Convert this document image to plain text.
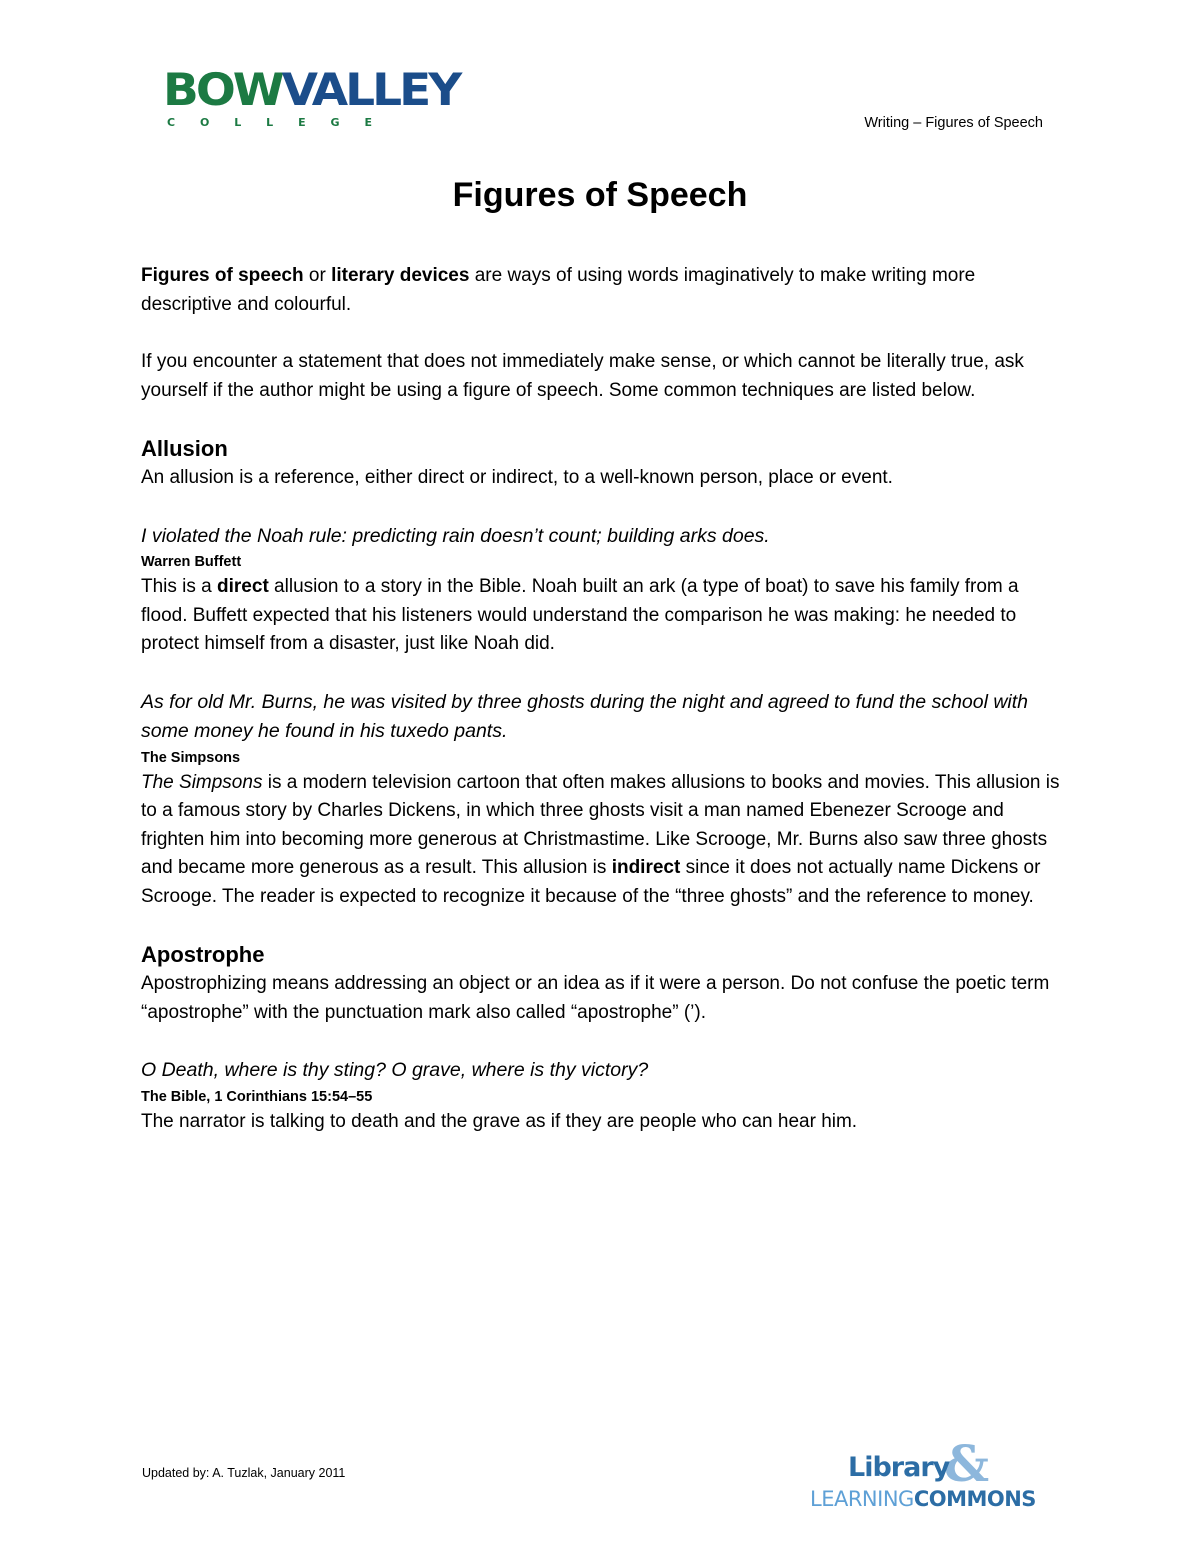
BOWVALLEY
C O L L E G E	Writing – Figures of Speech
Figures of Speech

Figures of speech or literary devices are ways of using words imaginatively to make writing more descriptive and colourful.

If you encounter a statement that does not immediately make sense, or which cannot be literally true, ask yourself if the author might be using a figure of speech. Some common techniques are listed below.

Allusion

An allusion is a reference, either direct or indirect, to a well-known person, place or event.

I violated the Noah rule: predicting rain doesn’t count; building arks does.

Warren Buffett

This is a direct allusion to a story in the Bible. Noah built an ark (a type of boat) to save his family from a flood. Buffett expected that his listeners would understand the comparison he was making: he needed to protect himself from a disaster, just like Noah did.

As for old Mr. Burns, he was visited by three ghosts during the night and agreed to fund the school with some money he found in his tuxedo pants.

The Simpsons

The Simpsons is a modern television cartoon that often makes allusions to books and movies. This allusion is to a famous story by Charles Dickens, in which three ghosts visit a man named Ebenezer Scrooge and frighten him into becoming more generous at Christmastime. Like Scrooge, Mr. Burns also saw three ghosts and became more generous as a result. This allusion is indirect since it does not actually name Dickens or Scrooge. The reader is expected to recognize it because of the “three ghosts” and the reference to money.

Apostrophe

Apostrophizing means addressing an object or an idea as if it were a person. Do not confuse the poetic term “apostrophe” with the punctuation mark also called “apostrophe” (’).

O Death, where is thy sting? O grave, where is thy victory?

The Bible, 1 Corinthians 15:54–55

The narrator is talking to death and the grave as if they are people who can hear him.

Updated by: A. Tuzlak, January 2011	&
Library
LEARNINGCOMMONS
